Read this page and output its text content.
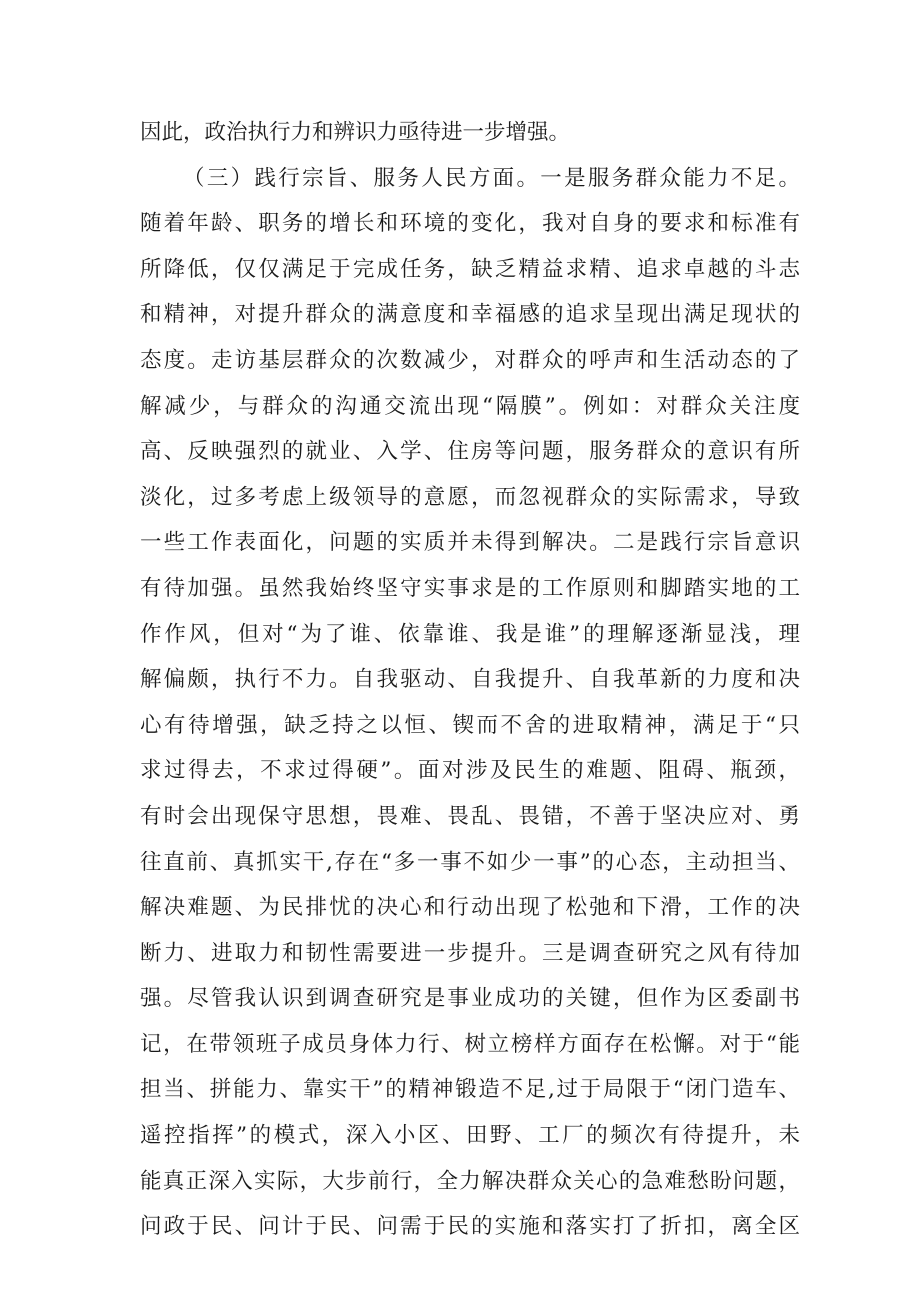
因此，政治执行力和辨识力亟待进一步增强。
（三）践行宗旨、服务人民方面。一是服务群众能力不足。
随着年龄、职务的增长和环境的变化，我对自身的要求和标准有
所降低，仅仅满足于完成任务，缺乏精益求精、追求卓越的斗志
和精神，对提升群众的满意度和幸福感的追求呈现出满足现状的
态度。走访基层群众的次数减少，对群众的呼声和生活动态的了
解减少，与群众的沟通交流出现“隔膜”。例如：对群众关注度
高、反映强烈的就业、入学、住房等问题，服务群众的意识有所
淡化，过多考虑上级领导的意愿，而忽视群众的实际需求，导致
一些工作表面化，问题的实质并未得到解决。二是践行宗旨意识
有待加强。虽然我始终坚守实事求是的工作原则和脚踏实地的工
作作风，但对“为了谁、依靠谁、我是谁”的理解逐渐显浅，理
解偏颇，执行不力。自我驱动、自我提升、自我革新的力度和决
心有待增强，缺乏持之以恒、锲而不舍的进取精神，满足于“只
求过得去，不求过得硬”。面对涉及民生的难题、阻碍、瓶颈，
有时会出现保守思想，畏难、畏乱、畏错，不善于坚决应对、勇
往直前、真抓实干,存在“多一事不如少一事”的心态，主动担当、
解决难题、为民排忧的决心和行动出现了松弛和下滑，工作的决
断力、进取力和韧性需要进一步提升。三是调查研究之风有待加
强。尽管我认识到调查研究是事业成功的关键，但作为区委副书
记，在带领班子成员身体力行、树立榜样方面存在松懈。对于“能
担当、拼能力、靠实干”的精神锻造不足,过于局限于“闭门造车、
遥控指挥”的模式，深入小区、田野、工厂的频次有待提升，未
能真正深入实际，大步前行，全力解决群众关心的急难愁盼问题，
问政于民、问计于民、问需于民的实施和落实打了折扣，离全区
